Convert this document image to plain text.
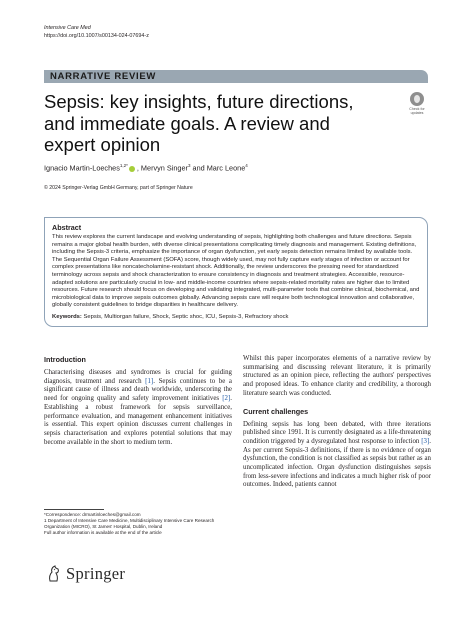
Intensive Care Med
https://doi.org/10.1007/s00134-024-07694-z
NARRATIVE REVIEW
Sepsis: key insights, future directions, and immediate goals. A review and expert opinion
Check for updates
Ignacio Martin-Loeches$^{1,2*}$ , Mervyn Singer$^3$ and Marc Leone$^4$
© 2024 Springer-Verlag GmbH Germany, part of Springer Nature
Abstract

This review explores the current landscape and evolving understanding of sepsis, highlighting both challenges and future directions. Sepsis remains a major global health burden, with diverse clinical presentations complicating timely diagnosis and management. Existing definitions, including the Sepsis-3 criteria, emphasize the importance of organ dysfunction, yet early sepsis detection remains limited by available tools. The Sequential Organ Failure Assessment (SOFA) score, though widely used, may not fully capture early stages of infection or account for complex presentations like noncatecholamine-resistant shock. Additionally, the review underscores the pressing need for standardized terminology across sepsis and shock characterization to ensure consistency in diagnosis and treatment strategies. Accessible, resource-adapted solutions are particularly crucial in low- and middle-income countries where sepsis-related mortality rates are higher due to limited resources. Future research should focus on developing and validating integrated, multi-parameter tools that combine clinical, biochemical, and microbiological data to improve sepsis outcomes globally. Advancing sepsis care will require both technological innovation and collaborative, globally consistent guidelines to bridge disparities in healthcare delivery.

Keywords: Sepsis, Multiorgan failure, Shock, Septic shoc, ICU, Sepsis-3, Refractory shock

Introduction

Characterising diseases and syndromes is crucial for guiding diagnosis, treatment and research [1]. Sepsis continues to be a significant cause of illness and death worldwide, underscoring the need for ongoing quality and safety improvement initiatives [2]. Establishing a robust framework for sepsis surveillance, performance evaluation, and management enhancement initiatives is essential. This expert opinion discusses current challenges in sepsis characterisation and explores potential solutions that may become available in the short to medium term.

Whilst this paper incorporates elements of a narrative review by summarising and discussing relevant literature, it is primarily structured as an opinion piece, reflecting the authors' perspectives and proposed ideas. To enhance clarity and credibility, a thorough literature search was conducted.

Current challenges

Defining sepsis has long been debated, with three iterations published since 1991. It is currently designated as a life-threatening condition triggered by a dysregulated host response to infection [3]. As per current Sepsis-3 definitions, if there is no evidence of organ dysfunction, the condition is not classified as sepsis but rather as an uncomplicated infection. Organ dysfunction distinguishes sepsis from less-severe infections and indicates a much higher risk of poor outcomes. Indeed, patients cannot

*Correspondence: drmartinloeches@gmail.com
1 Department of Intensive Care Medicine, Multidisciplinary Intensive Care Research Organization (MICRO), St James' Hospital, Dublin, Ireland
Full author information is available at the end of the article
Springer
